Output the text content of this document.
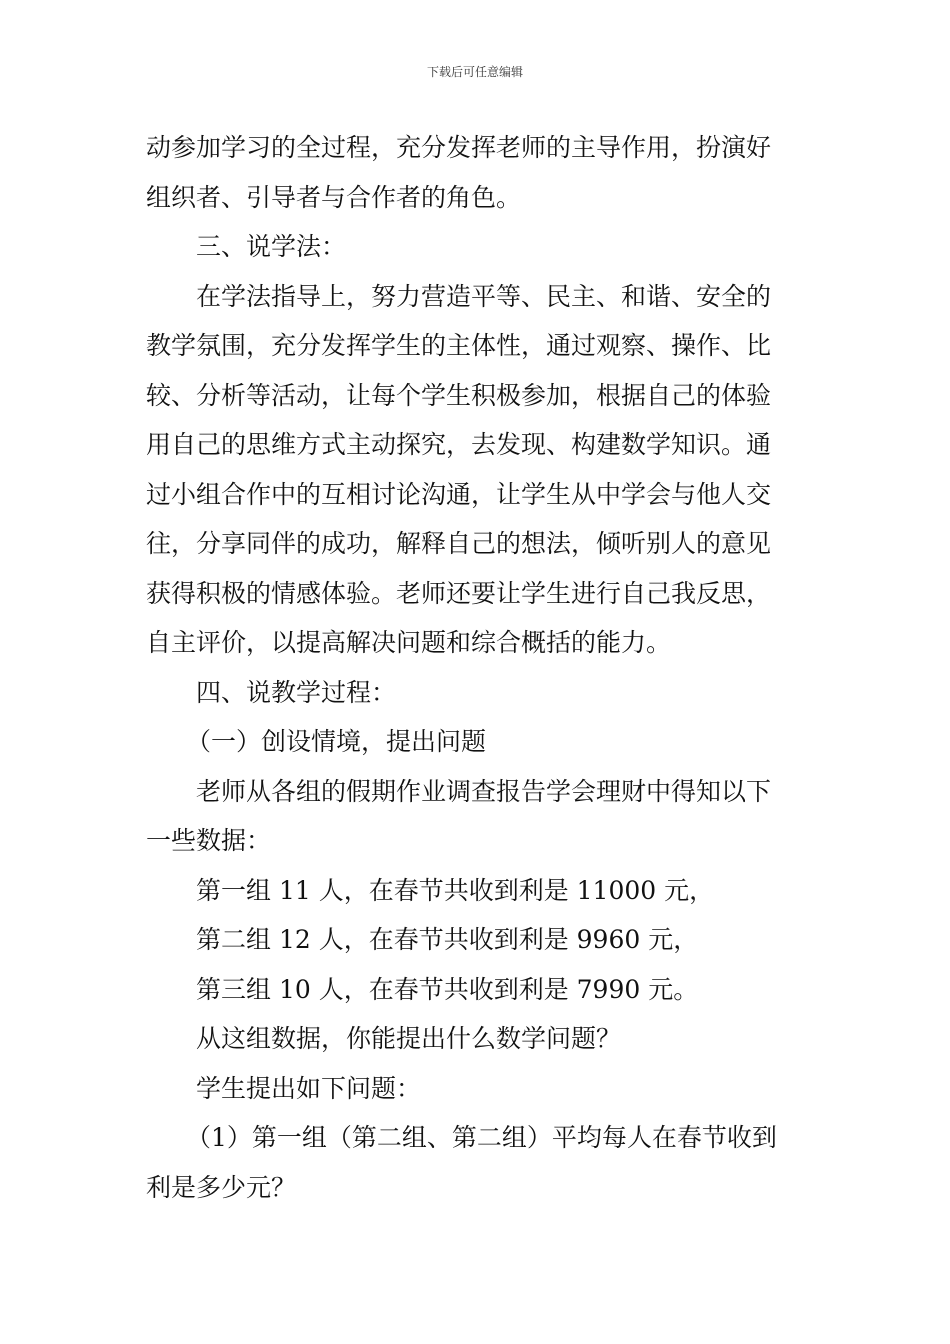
下载后可任意编辑
动参加学习的全过程，充分发挥老师的主导作用，扮演好
组织者、引导者与合作者的角色。
三、说学法：
在学法指导上，努力营造平等、民主、和谐、安全的
教学氛围，充分发挥学生的主体性，通过观察、操作、比
较、分析等活动，让每个学生积极参加，根据自己的体验
用自己的思维方式主动探究，去发现、构建数学知识。通
过小组合作中的互相讨论沟通，让学生从中学会与他人交
往，分享同伴的成功，解释自己的想法，倾听别人的意见
获得积极的情感体验。老师还要让学生进行自己我反思，
自主评价，以提高解决问题和综合概括的能力。
四、说教学过程：
（一）创设情境，提出问题
老师从各组的假期作业调查报告学会理财中得知以下
一些数据：
第一组 11 人，在春节共收到利是 11000 元，
第二组 12 人，在春节共收到利是 9960 元，
第三组 10 人，在春节共收到利是 7990 元。
从这组数据，你能提出什么数学问题？
学生提出如下问题：
（1）第一组（第二组、第二组）平均每人在春节收到
利是多少元？
